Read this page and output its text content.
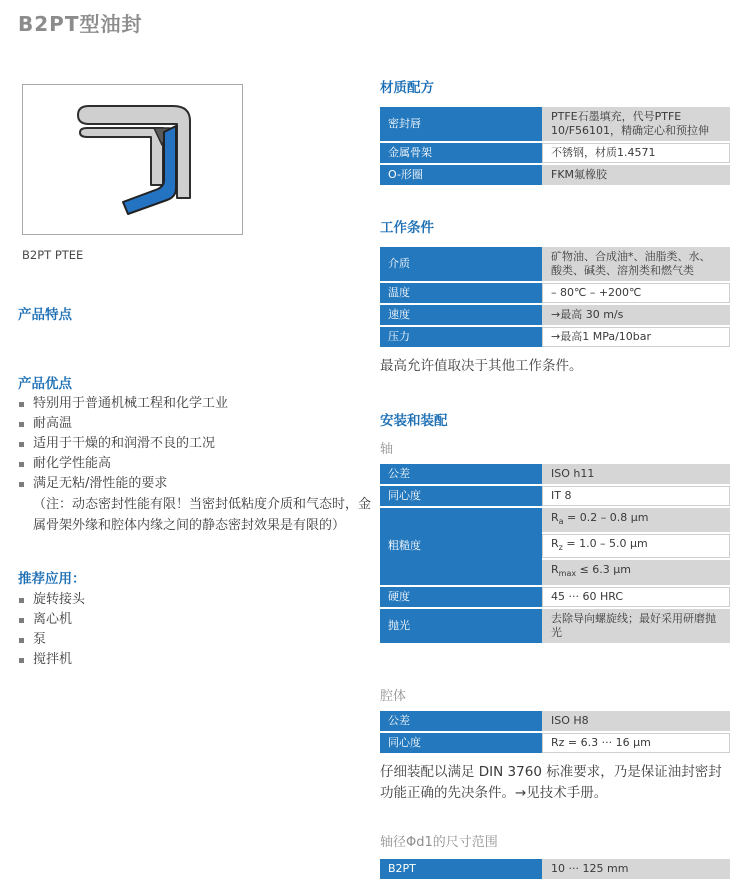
B2PT型油封
B2PT PTEE
产品特点
产品优点
特别用于普通机械工程和化学工业
耐高温
适用于干燥的和润滑不良的工况
耐化学性能高
满足无粘/滑性能的要求
（注：动态密封性能有限！当密封低粘度介质和气态时，金属骨架外缘和腔体内缘之间的静态密封效果是有限的）
推荐应用：
旋转接头
离心机
泵
搅拌机
材质配方
密封唇	PTFE石墨填充，代号PTFE 10/F56101，精确定心和预拉伸
金属骨架	不锈钢，材质1.4571
O-形圈	FKM氟橡胶
工作条件
介质	矿物油、合成油*、油脂类、水、酸类、碱类、溶剂类和燃气类
温度	– 80℃ – +200℃
速度	→最高 30 m/s
压力	→最高1 MPa/10bar
最高允许值取决于其他工作条件。
安装和装配
轴
公差	ISO h11
同心度	IT 8
粗糙度	$R_a = 0.2 - 0.8$ μm
	$R_z = 1.0 - 5.0$ μm
	$R_{max} \le 6.3$ μm
硬度	45 ··· 60 HRC
抛光	去除导向螺旋线；最好采用研磨抛光
腔体
公差	ISO H8
同心度	Rz = 6.3 ··· 16 μm
仔细装配以满足 DIN 3760 标准要求，乃是保证油封密封功能正确的先决条件。→见技术手册。
轴径Φd1的尺寸范围
B2PT	10 ··· 125 mm
